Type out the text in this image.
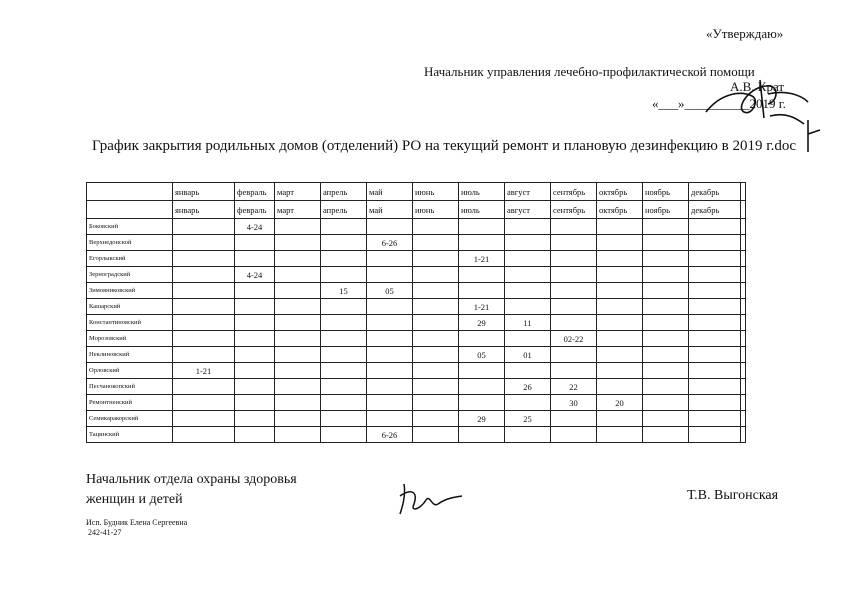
«Утверждаю»
Начальник управления лечебно-профилактической помощи
А.В. Крат
«___»__________2019 г.
График закрытия родильных домов (отделений) РО на текущий ремонт и плановую дезинфекцию в 2019 г.doc
	январь	февраль	март	апрель	май	июнь	июль	август	сентябрь	октябрь	ноябрь	декабрь	
	январь	февраль	март	апрель	май	июнь	июль	август	сентябрь	октябрь	ноябрь	декабрь	
Боковский		4-24											
Верхнедонской					6-26								
Егорлыкский							1-21						
Зерноградский		4-24											
Зимовниковский				15	05								
Кашарский							1-21						
Константиновский							29	11					
Морозовский									02-22				
Неклиновский							05	01					
Орловский	1-21												
Песчанокопский								26	22				
Ремонтненский									30	20			
Семикаракорский							29	25					
Тацинский					6-26								
Начальник отдела охраны здоровья женщин и детей	Т.В. Выгонская
Исп. Будник Елена Сергеевна
242-41-27
